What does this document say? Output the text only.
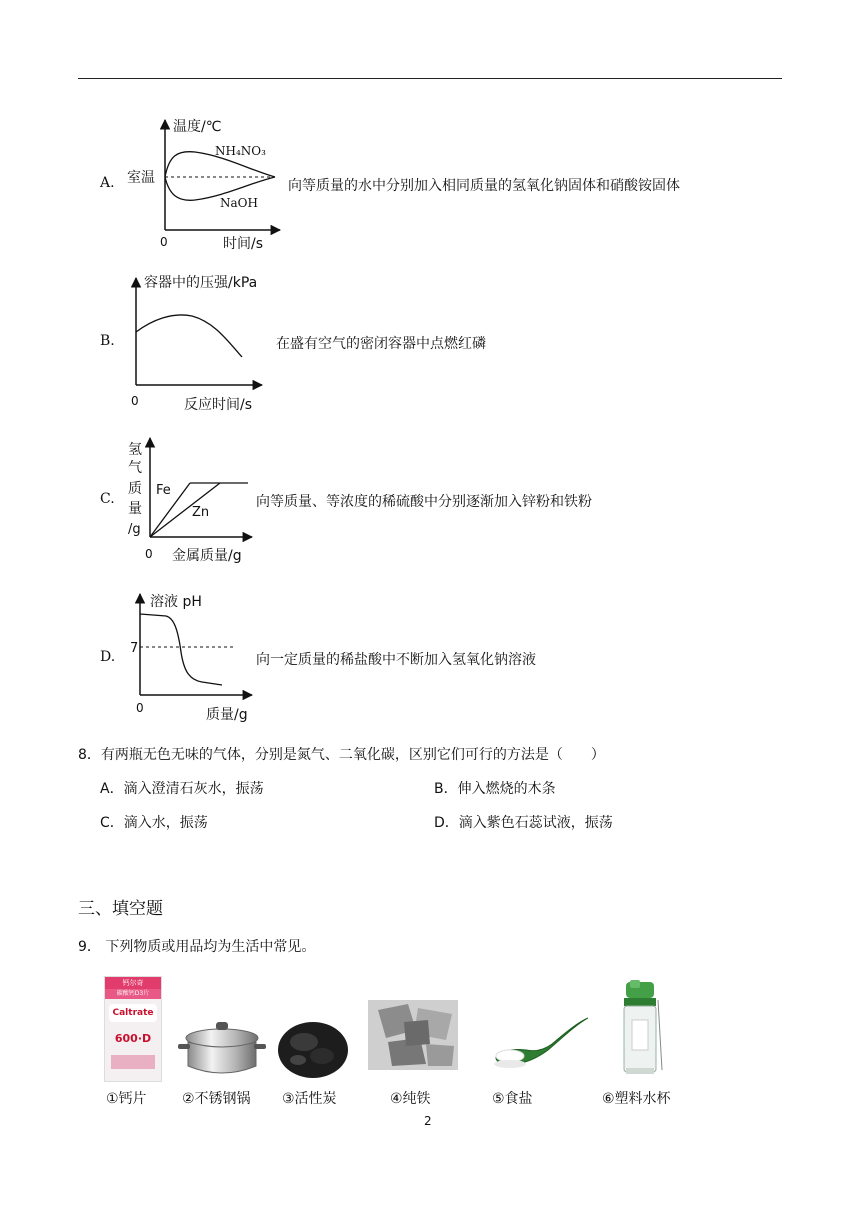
A.
温度/℃
室温
NH₄NO₃
NaOH
0	时间/s
向等质量的水中分别加入相同质量的氢氧化钠固体和硝酸铵固体
B.
容器中的压强/kPa
0	反应时间/s
在盛有空气的密闭容器中点燃红磷
C.
氢
气
质
量
/g
Fe
Zn
0 金属质量/g
向等质量、等浓度的稀硫酸中分别逐渐加入锌粉和铁粉
D.
溶液 pH
7
0	质量/g
向一定质量的稀盐酸中不断加入氢氧化钠溶液
8．有两瓶无色无味的气体，分别是氮气、二氧化碳，区别它们可行的方法是（　　）
A．滴入澄清石灰水，振荡	B．伸入燃烧的木条
C．滴入水，振荡	D．滴入紫色石蕊试液，振荡
三、填空题
9． 下列物质或用品均为生活中常见。
钙尔奇
碳酸钙D3片
Caltrate
600·D
①钙片	②不锈钢锅 ③活性炭	④纯铁	⑤食盐	⑥塑料水杯
2
